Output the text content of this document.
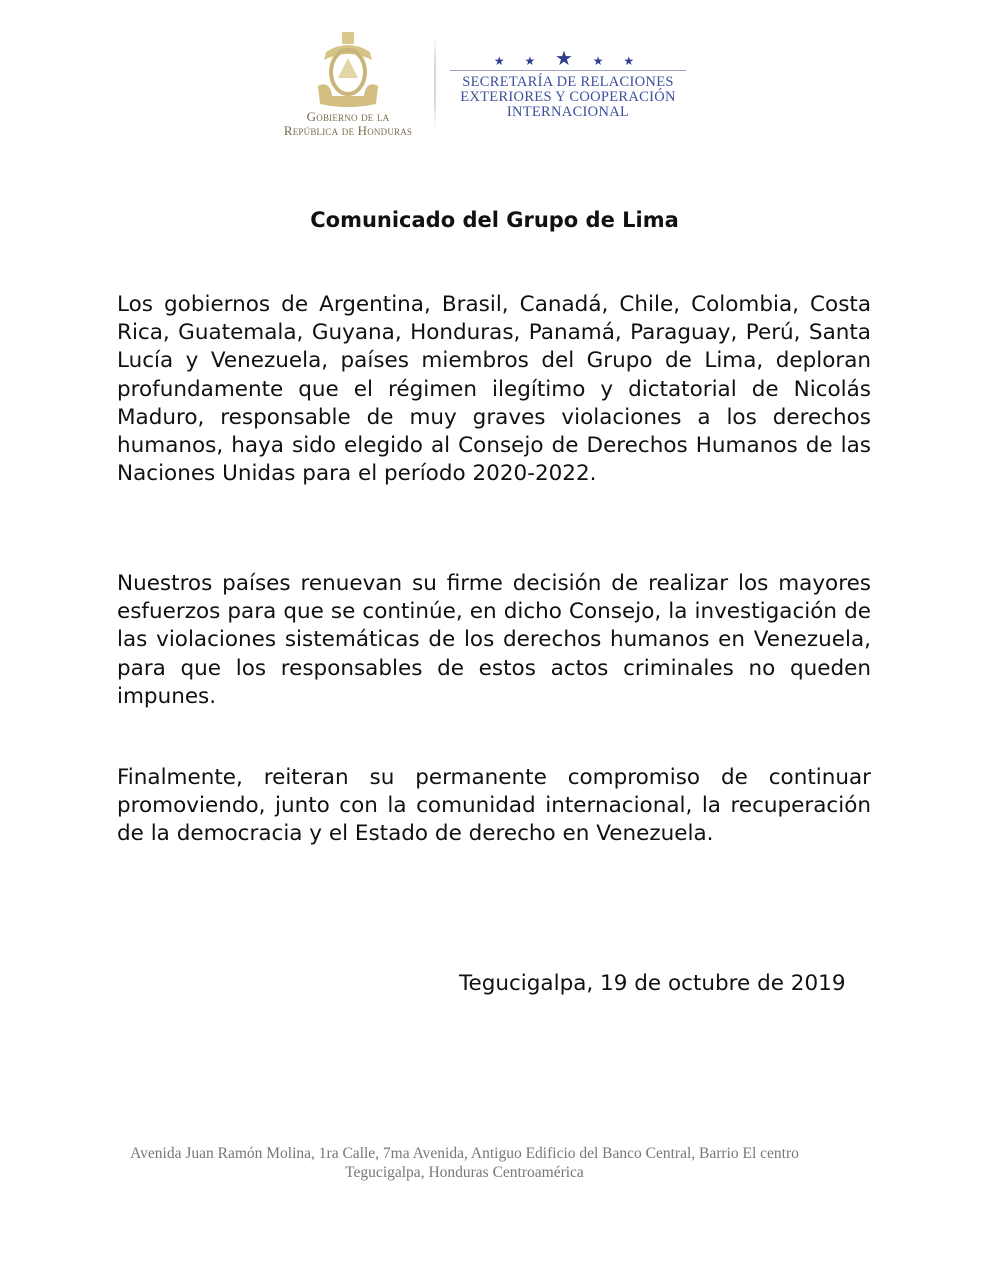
Gobierno de la
República de Honduras
★ ★ ★ ★ ★
SECRETARÍA DE RELACIONES
EXTERIORES Y COOPERACIÓN
INTERNACIONAL
Comunicado del Grupo de Lima
Los gobiernos de Argentina, Brasil, Canadá, Chile, Colombia, Costa Rica, Guatemala, Guyana, Honduras, Panamá, Paraguay, Perú, Santa Lucía y Venezuela, países miembros del Grupo de Lima, deploran profundamente que el régimen ilegítimo y dictatorial de Nicolás Maduro, responsable de muy graves violaciones a los derechos humanos, haya sido elegido al Consejo de Derechos Humanos de las Naciones Unidas para el período 2020-2022.
Nuestros países renuevan su firme decisión de realizar los mayores esfuerzos para que se continúe, en dicho Consejo, la investigación de las violaciones sistemáticas de los derechos humanos en Venezuela, para que los responsables de estos actos criminales no queden impunes.
Finalmente, reiteran su permanente compromiso de continuar promoviendo, junto con la comunidad internacional, la recuperación de la democracia y el Estado de derecho en Venezuela.
Tegucigalpa, 19 de octubre de 2019
Avenida Juan Ramón Molina, 1ra Calle, 7ma Avenida, Antiguo Edificio del Banco Central, Barrio El centro
Tegucigalpa, Honduras Centroamérica
